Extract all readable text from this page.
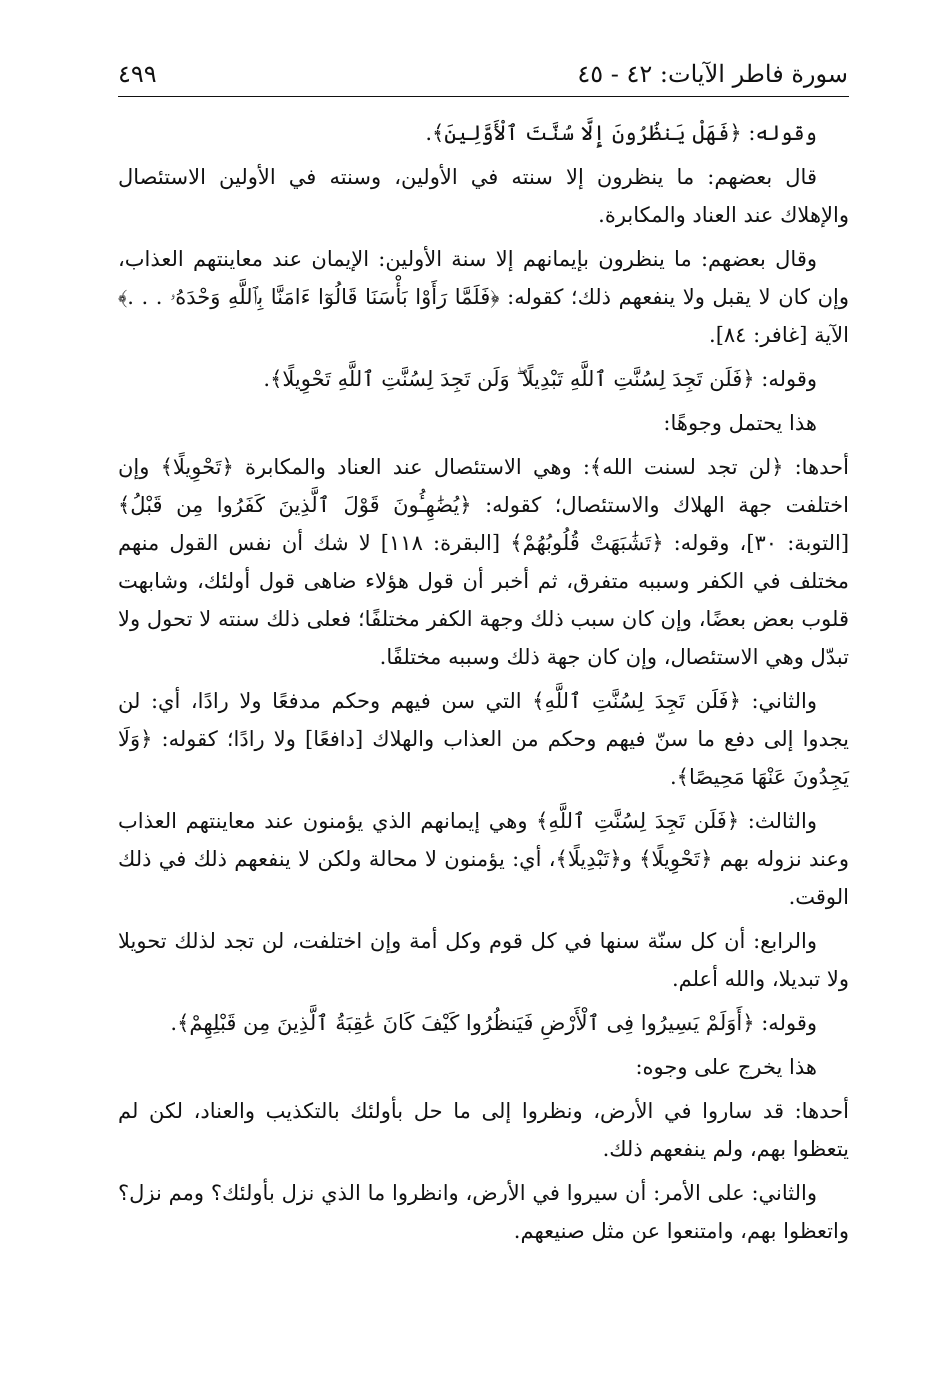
سورة فاطر الآيات: ٤٢ - ٤٥
٤٩٩

وقوله: ﴿فَهَلْ يَنظُرُونَ إِلَّا سُنَّتَ ٱلْأَوَّلِينَ﴾.

قال بعضهم: ما ينظرون إلا سنته في الأولين، وسنته في الأولين الاستئصال والإهلاك عند العناد والمكابرة.

وقال بعضهم: ما ينظرون بإيمانهم إلا سنة الأولين: الإيمان عند معاينتهم العذاب، وإن كان لا يقبل ولا ينفعهم ذلك؛ كقوله: ﴿فَلَمَّا رَأَوْا بَأْسَنَا قَالُوٓا ءَامَنَّا بِٱللَّهِ وَحْدَهُۥ . . .﴾ الآية [غافر: ٨٤].

وقوله: ﴿فَلَن تَجِدَ لِسُنَّتِ ٱللَّهِ تَبْدِيلًا ۖ وَلَن تَجِدَ لِسُنَّتِ ٱللَّهِ تَحْوِيلًا﴾.

هذا يحتمل وجوهًا:

أحدها: ﴿لن تجد لسنت الله﴾: وهي الاستئصال عند العناد والمكابرة ﴿تَحْوِيلًا﴾ وإن اختلفت جهة الهلاك والاستئصال؛ كقوله: ﴿يُضَٰهِـُٔونَ قَوْلَ ٱلَّذِينَ كَفَرُوا مِن قَبْلُ﴾ [التوبة: ٣٠]، وقوله: ﴿تَشَٰبَهَتْ قُلُوبُهُمْ﴾ [البقرة: ١١٨] لا شك أن نفس القول منهم مختلف في الكفر وسببه متفرق، ثم أخبر أن قول هؤلاء ضاهى قول أولئك، وشابهت قلوب بعض بعضًا، وإن كان سبب ذلك وجهة الكفر مختلفًا؛ فعلى ذلك سنته لا تحول ولا تبدّل وهي الاستئصال، وإن كان جهة ذلك وسببه مختلفًا.

والثاني: ﴿فَلَن تَجِدَ لِسُنَّتِ ٱللَّهِ﴾ التي سن فيهم وحكم مدفعًا ولا رادًا، أي: لن يجدوا إلى دفع ما سنّ فيهم وحكم من العذاب والهلاك [دافعًا] ولا رادًا؛ كقوله: ﴿وَلَا يَجِدُونَ عَنْهَا مَحِيصًا﴾.

والثالث: ﴿فَلَن تَجِدَ لِسُنَّتِ ٱللَّهِ﴾ وهي إيمانهم الذي يؤمنون عند معاينتهم العذاب وعند نزوله بهم ﴿تَحْوِيلًا﴾ و﴿تَبْدِيلًا﴾، أي: يؤمنون لا محالة ولكن لا ينفعهم ذلك في ذلك الوقت.

والرابع: أن كل سنّة سنها في كل قوم وكل أمة وإن اختلفت، لن تجد لذلك تحويلا ولا تبديلا، والله أعلم.

وقوله: ﴿أَوَلَمْ يَسِيرُوا فِى ٱلْأَرْضِ فَيَنظُرُوا كَيْفَ كَانَ عَٰقِبَةُ ٱلَّذِينَ مِن قَبْلِهِمْ﴾.

هذا يخرج على وجوه:

أحدها: قد ساروا في الأرض، ونظروا إلى ما حل بأولئك بالتكذيب والعناد، لكن لم يتعظوا بهم، ولم ينفعهم ذلك.

والثاني: على الأمر: أن سيروا في الأرض، وانظروا ما الذي نزل بأولئك؟ ومم نزل؟ واتعظوا بهم، وامتنعوا عن مثل صنيعهم.
